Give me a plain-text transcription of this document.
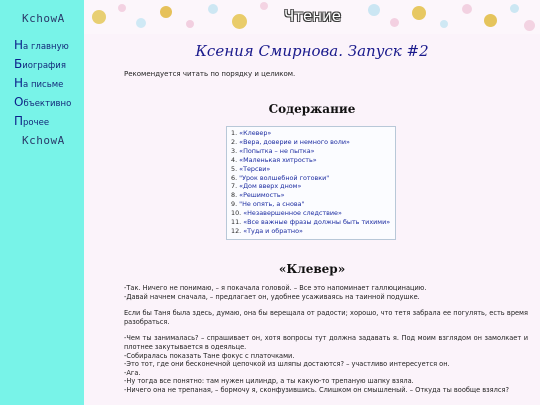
KchowA
На главную
Биография
На письме
Объективно
Прочее
KchowA
Чтение
Ксения Смирнова. Запуск #2
Рекомендуется читать по порядку и целиком.
Содержание
1. «Клевер»
2. «Вера, доверие и немного воли»
3. «Попытка – не пытка»
4. «Маленькая хитрость»
5. «Терсви»
6. "Урок волшебной готовки"
7. «Дом вверх дном»
8. «Решимость»
9. "Не опять, а снова"
10. «Незавершенное следствие»
11. «Все важные фразы должны быть тихими»
12. «Туда и обратно»
«Клевер»

-Так. Ничего не понимаю, – я покачала головой. – Все это напоминает галлюцинацию.
-Давай начнем сначала, – предлагает он, удобнее усаживаясь на таинной подушке.

Если бы Таня была здесь, думаю, она бы верещала от радости; хорошо, что тетя забрала ее погулять, есть время разобраться.

-Чем ты занималась? – спрашивает он, хотя вопросы тут должна задавать я. Под моим взглядом он замолкает и плотнее закутывается в одеяльце.
-Собиралась показать Тане фокус с платочками.
-Это тот, где они бесконечной цепочкой из шляпы достаются? – участливо интересуется он.
-Ага.
-Ну тогда все понятно: там нужен цилиндр, а ты какую-то трепаную шапку взяла.
-Ничего она не трепаная, – бормочу я, сконфузившись. Слишком он смышленый. – Откуда ты вообще взялся?
